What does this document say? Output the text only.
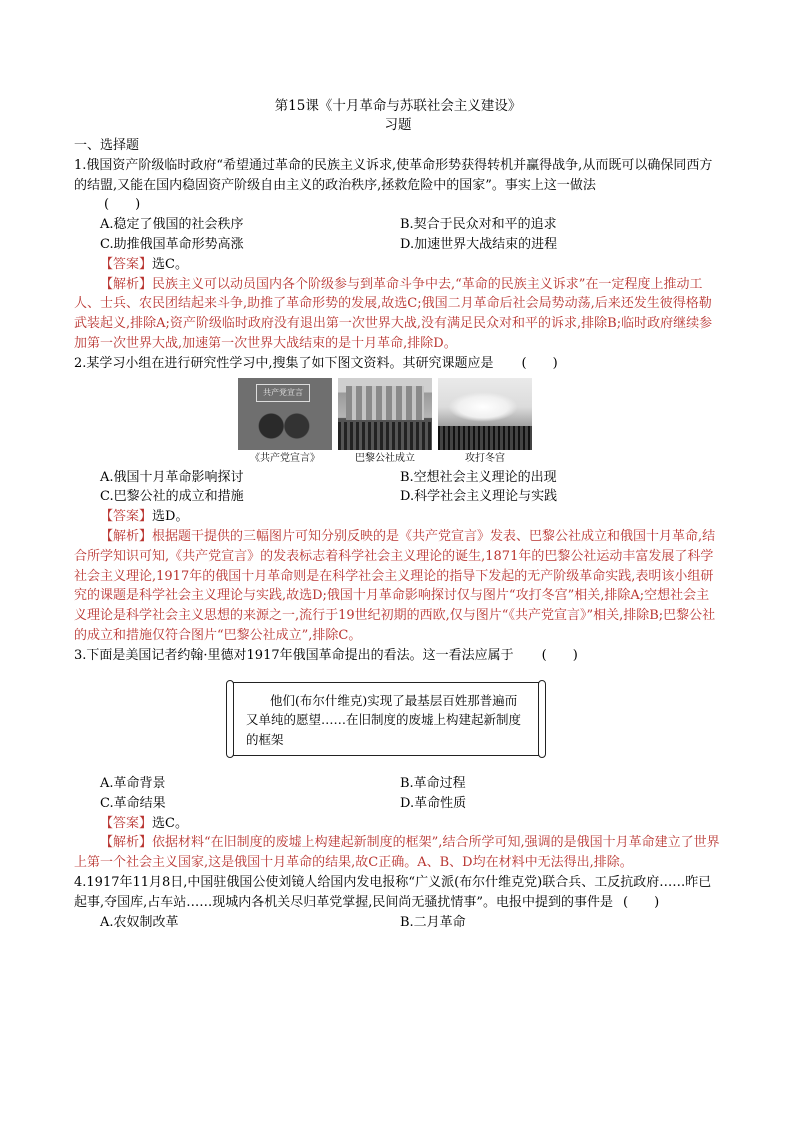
第15课《十月革命与苏联社会主义建设》
习题
一、选择题
1.俄国资产阶级临时政府“希望通过革命的民族主义诉求,使革命形势获得转机并赢得战争,从而既可以确保同西方的结盟,又能在国内稳固资产阶级自由主义的政治秩序,拯救危险中的国家”。事实上这一做法
(　　)
A.稳定了俄国的社会秩序	B.契合于民众对和平的追求
C.助推俄国革命形势高涨	D.加速世界大战结束的进程
【答案】选C。
【解析】民族主义可以动员国内各个阶级参与到革命斗争中去,“革命的民族主义诉求”在一定程度上推动工人、士兵、农民团结起来斗争,助推了革命形势的发展,故选C;俄国二月革命后社会局势动荡,后来还发生彼得格勒武装起义,排除A;资产阶级临时政府没有退出第一次世界大战,没有满足民众对和平的诉求,排除B;临时政府继续参加第一次世界大战,加速第一次世界大战结束的是十月革命,排除D。
2.某学习小组在进行研究性学习中,搜集了如下图文资料。其研究课题应是 (　　)
共产党宣言
《共产党宣言》	巴黎公社成立	攻打冬宫
A.俄国十月革命影响探讨	B.空想社会主义理论的出现
C.巴黎公社的成立和措施	D.科学社会主义理论与实践
【答案】选D。
【解析】根据题干提供的三幅图片可知分别反映的是《共产党宣言》发表、巴黎公社成立和俄国十月革命,结合所学知识可知,《共产党宣言》的发表标志着科学社会主义理论的诞生,1871年的巴黎公社运动丰富发展了科学社会主义理论,1917年的俄国十月革命则是在科学社会主义理论的指导下发起的无产阶级革命实践,表明该小组研究的课题是科学社会主义理论与实践,故选D;俄国十月革命影响探讨仅与图片“攻打冬宫”相关,排除A;空想社会主义理论是科学社会主义思想的来源之一,流行于19世纪初期的西欧,仅与图片“《共产党宣言》”相关,排除B;巴黎公社的成立和措施仅符合图片“巴黎公社成立”,排除C。
3.下面是美国记者约翰·里德对1917年俄国革命提出的看法。这一看法应属于 (　　)

他们(布尔什维克)实现了最基层百姓那普遍而又单纯的愿望……在旧制度的废墟上构建起新制度的框架

A.革命背景	B.革命过程
C.革命结果	D.革命性质
【答案】选C。
【解析】依据材料“在旧制度的废墟上构建起新制度的框架”,结合所学可知,强调的是俄国十月革命建立了世界上第一个社会主义国家,这是俄国十月革命的结果,故C正确。A、B、D均在材料中无法得出,排除。
4.1917年11月8日,中国驻俄国公使刘镜人给国内发电报称“广义派(布尔什维克党)联合兵、工反抗政府……昨已起事,夺国库,占车站……现城内各机关尽归革党掌握,民间尚无骚扰情事”。电报中提到的事件是 (　　)
A.农奴制改革	B.二月革命
